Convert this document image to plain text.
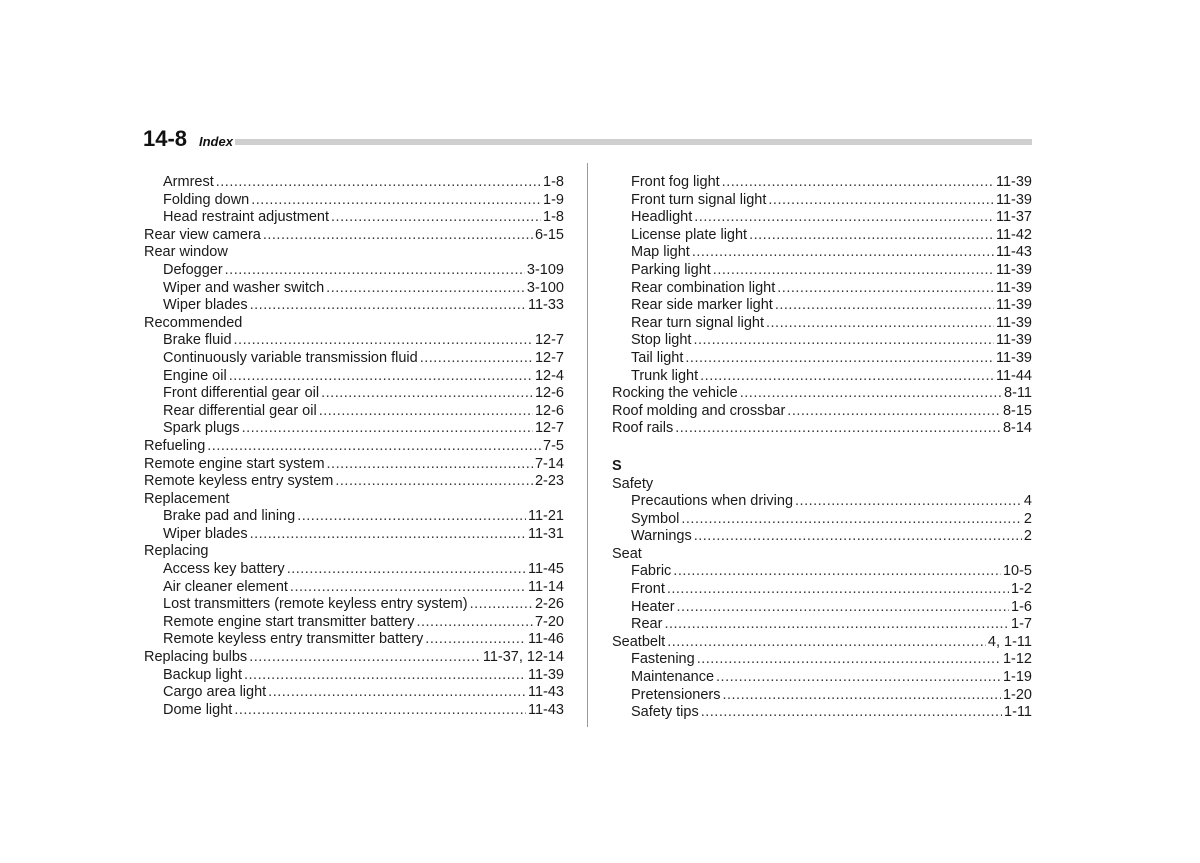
14-8 Index
Armrest .....	1-8
Folding down .....	1-9
Head restraint adjustment .....	1-8
Rear view camera .....	6-15
Rear window
Defogger .....	3-109
Wiper and washer switch .....	3-100
Wiper blades .....	11-33
Recommended
Brake fluid .....	12-7
Continuously variable transmission fluid .....	12-7
Engine oil .....	12-4
Front differential gear oil .....	12-6
Rear differential gear oil .....	12-6
Spark plugs .....	12-7
Refueling .....	7-5
Remote engine start system .....	7-14
Remote keyless entry system .....	2-23
Replacement
Brake pad and lining .....	11-21
Wiper blades .....	11-31
Replacing
Access key battery .....	11-45
Air cleaner element .....	11-14
Lost transmitters (remote keyless entry system) .....	2-26
Remote engine start transmitter battery .....	7-20
Remote keyless entry transmitter battery .....	11-46
Replacing bulbs .....	11-37, 12-14
Backup light .....	11-39
Cargo area light .....	11-43
Dome light .....	11-43
Front fog light .....	11-39
Front turn signal light .....	11-39
Headlight .....	11-37
License plate light .....	11-42
Map light .....	11-43
Parking light .....	11-39
Rear combination light .....	11-39
Rear side marker light .....	11-39
Rear turn signal light .....	11-39
Stop light .....	11-39
Tail light .....	11-39
Trunk light .....	11-44
Rocking the vehicle .....	8-11
Roof molding and crossbar .....	8-15
Roof rails .....	8-14
S
Safety
Precautions when driving .....	4
Symbol .....	2
Warnings .....	2
Seat
Fabric .....	10-5
Front .....	1-2
Heater .....	1-6
Rear .....	1-7
Seatbelt .....	4, 1-11
Fastening .....	1-12
Maintenance .....	1-19
Pretensioners .....	1-20
Safety tips .....	1-11
